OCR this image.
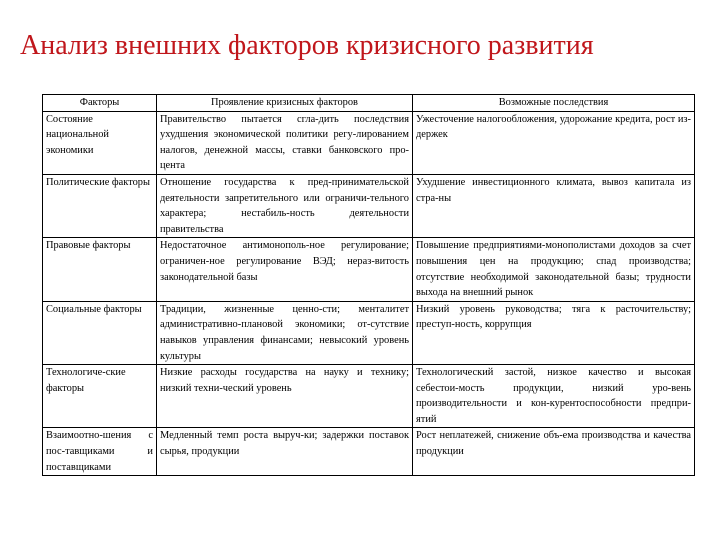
Анализ внешних факторов кризисного развития
Факторы	Проявление кризисных факторов	Возможные последствия
Состояние национальной экономики	Правительство пытается сгла-дить последствия ухудшения экономической политики регу-лированием налогов, денежной массы, ставки банковского про-цента	Ужесточение налогообложения, удорожание кредита, рост из-держек
Политические факторы	Отношение государства к пред-принимательской деятельности запретительного или ограничи-тельного характера; нестабиль-ность деятельности правительства	Ухудшение инвестиционного климата, вывоз капитала из стра-ны
Правовые факторы	Недостаточное антимонополь-ное регулирование; ограничен-ное регулирование ВЭД; нераз-витость законодательной базы	Повышение предприятиями-монополистами доходов за счет повышения цен на продукцию; спад производства; отсутствие необходимой законодательной базы; трудности выхода на внешний рынок
Социальные факторы	Традиции, жизненные ценно-сти; менталитет административно-плановой экономики; от-сутствие навыков управления финансами; невысокий уровень культуры	Низкий уровень руководства; тяга к расточительству; преступ-ность, коррупция
Технологиче-ские факторы	Низкие расходы государства на науку и технику; низкий техни-ческий уровень	Технологический застой, низкое качество и высокая себестои-мость продукции, низкий уро-вень производительности и кон-курентоспособности предпри-ятий
Взаимоотно-шения с пос-тавщиками и поставщиками	Медленный темп роста выруч-ки; задержки поставок сырья, продукции	Рост неплатежей, снижение объ-ема производства и качества продукции
